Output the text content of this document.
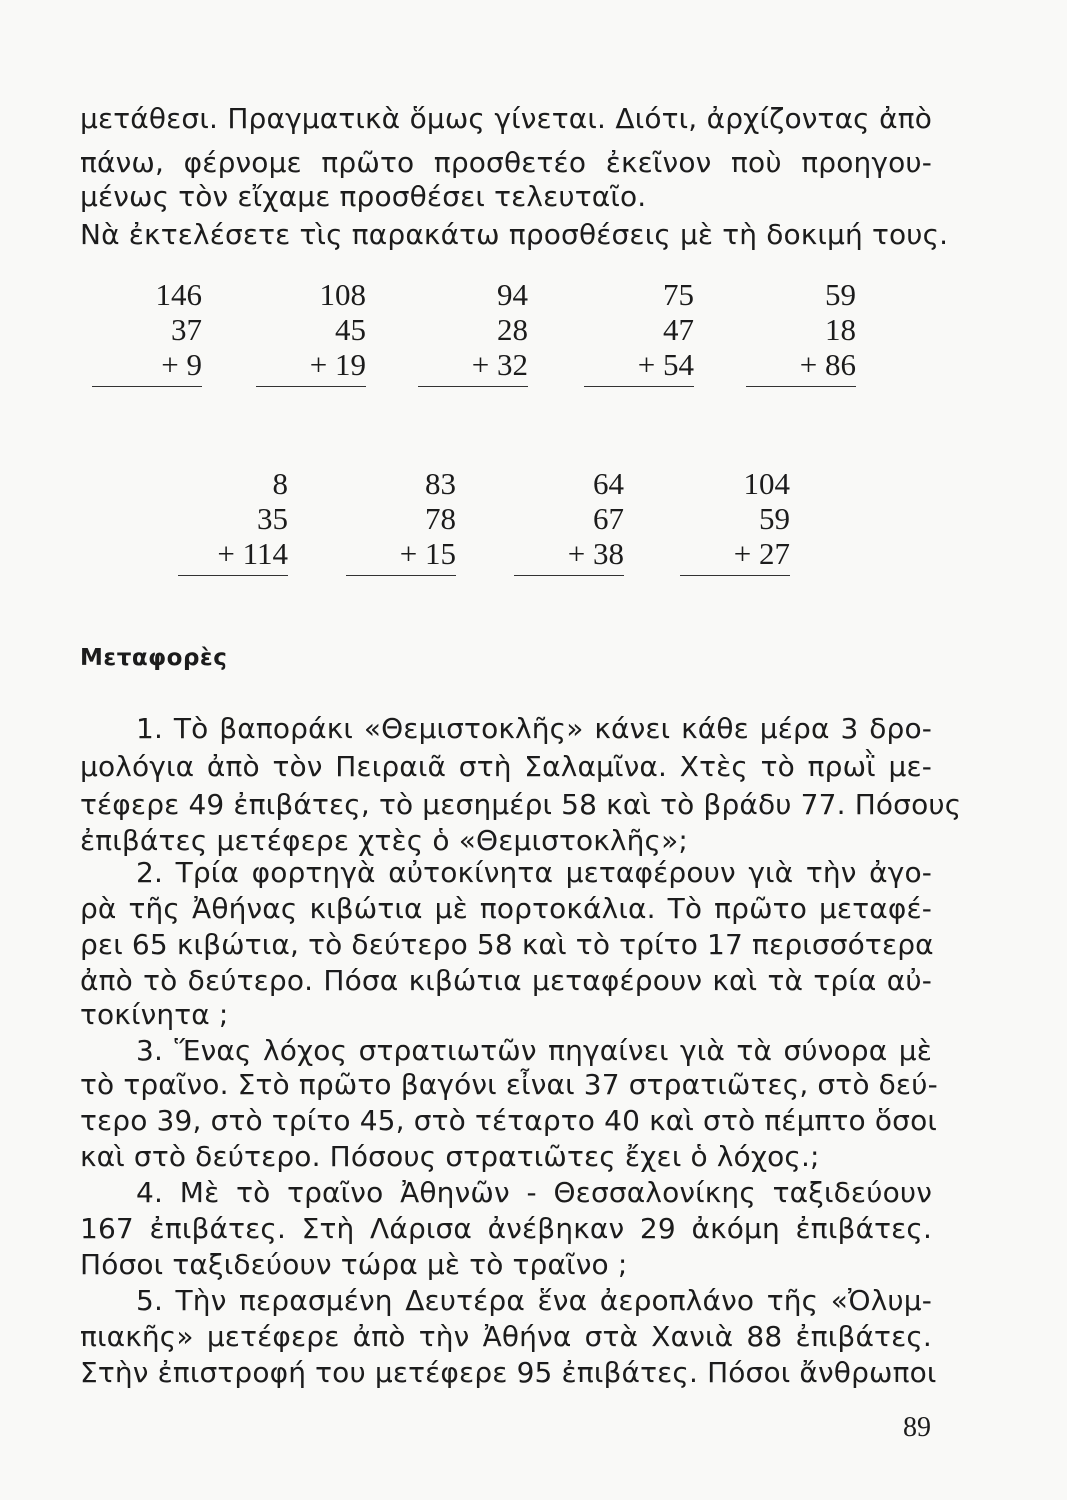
μετάθεσι. Πραγματικὰ ὅμως γίνεται. Διότι, ἀρχίζοντας ἀπὸ
πάνω, φέρνομε πρῶτο προσθετέο ἐκεῖνον ποὺ προηγου-
μένως τὸν εἴχαμε προσθέσει τελευταῖο.
Νὰ ἐκτελέσετε τὶς παρακάτω προσθέσεις μὲ τὴ δοκιμή τους.
146
37
+ 9
108
45
+ 19
94
28
+ 32
75
47
+ 54
59
18
+ 86
8
35
+ 114
83
78
+ 15
64
67
+ 38
104
59
+ 27
Μεταφορὲς
1. Τὸ βαποράκι «Θεμιστοκλῆς» κάνει κάθε μέρα 3 δρο-
μολόγια ἀπὸ τὸν Πειραιᾶ στὴ Σαλαμῖνα. Χτὲς τὸ πρωῒ με-
τέφερε 49 ἐπιβάτες, τὸ μεσημέρι 58 καὶ τὸ βράδυ 77. Πόσους
ἐπιβάτες μετέφερε χτὲς ὁ «Θεμιστοκλῆς»;
2. Τρία φορτηγὰ αὐτοκίνητα μεταφέρουν γιὰ τὴν ἀγο-
ρὰ τῆς Ἀθήνας κιβώτια μὲ πορτοκάλια. Τὸ πρῶτο μεταφέ-
ρει 65 κιβώτια, τὸ δεύτερο 58 καὶ τὸ τρίτο 17 περισσότερα
ἀπὸ τὸ δεύτερο. Πόσα κιβώτια μεταφέρουν καὶ τὰ τρία αὐ-
τοκίνητα ;
3. Ἕνας λόχος στρατιωτῶν πηγαίνει γιὰ τὰ σύνορα μὲ
τὸ τραῖνο. Στὸ πρῶτο βαγόνι εἶναι 37 στρατιῶτες, στὸ δεύ-
τερο 39, στὸ τρίτο 45, στὸ τέταρτο 40 καὶ στὸ πέμπτο ὅσοι
καὶ στὸ δεύτερο. Πόσους στρατιῶτες ἔχει ὁ λόχος.;
4. Μὲ τὸ τραῖνο Ἀθηνῶν - Θεσσαλονίκης ταξιδεύουν
167 ἐπιβάτες. Στὴ Λάρισα ἀνέβηκαν 29 ἀκόμη ἐπιβάτες.
Πόσοι ταξιδεύουν τώρα μὲ τὸ τραῖνο ;
5. Τὴν περασμένη Δευτέρα ἕνα ἀεροπλάνο τῆς «Ὀλυμ-
πιακῆς» μετέφερε ἀπὸ τὴν Ἀθήνα στὰ Χανιὰ 88 ἐπιβάτες.
Στὴν ἐπιστροφή του μετέφερε 95 ἐπιβάτες. Πόσοι ἄνθρωποι
89
